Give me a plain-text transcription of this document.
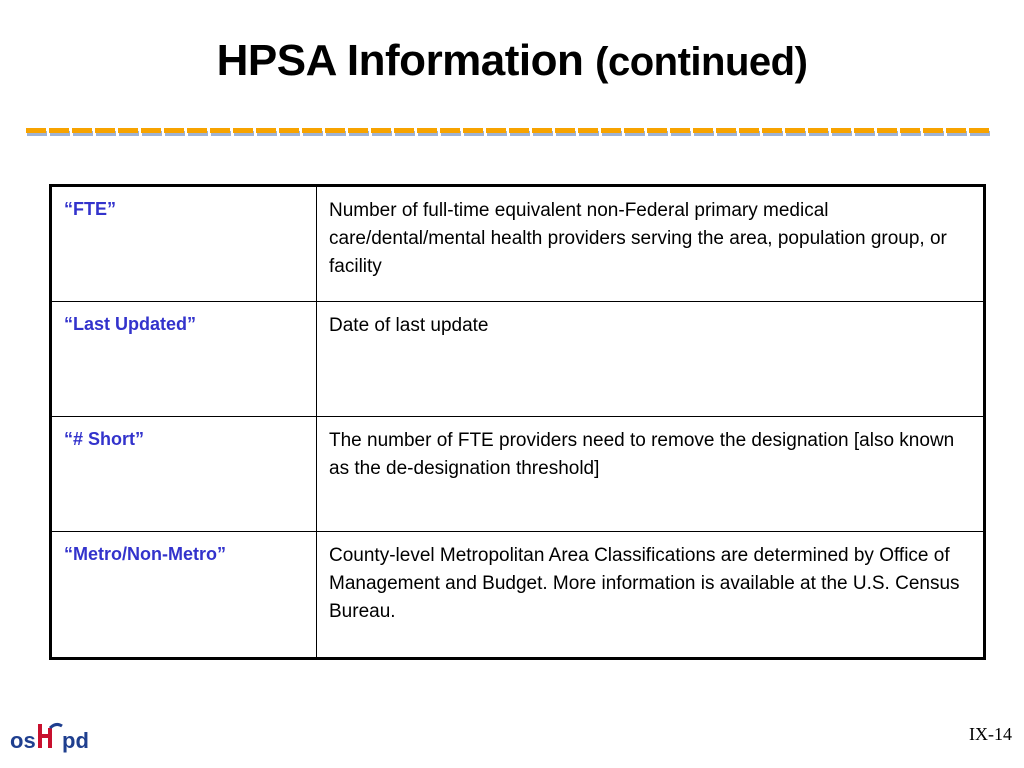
HPSA Information (continued)
“FTE”	Number of full-time equivalent non-Federal primary medical care/dental/mental health providers serving the area, population group, or facility
“Last Updated”	Date of last update
“# Short”	The number of FTE providers need to remove the designation [also known as the de-designation threshold]
“Metro/Non-Metro”	County-level Metropolitan Area Classifications are determined by Office of Management and Budget. More information is available at the U.S. Census Bureau.
os pd	IX-14
